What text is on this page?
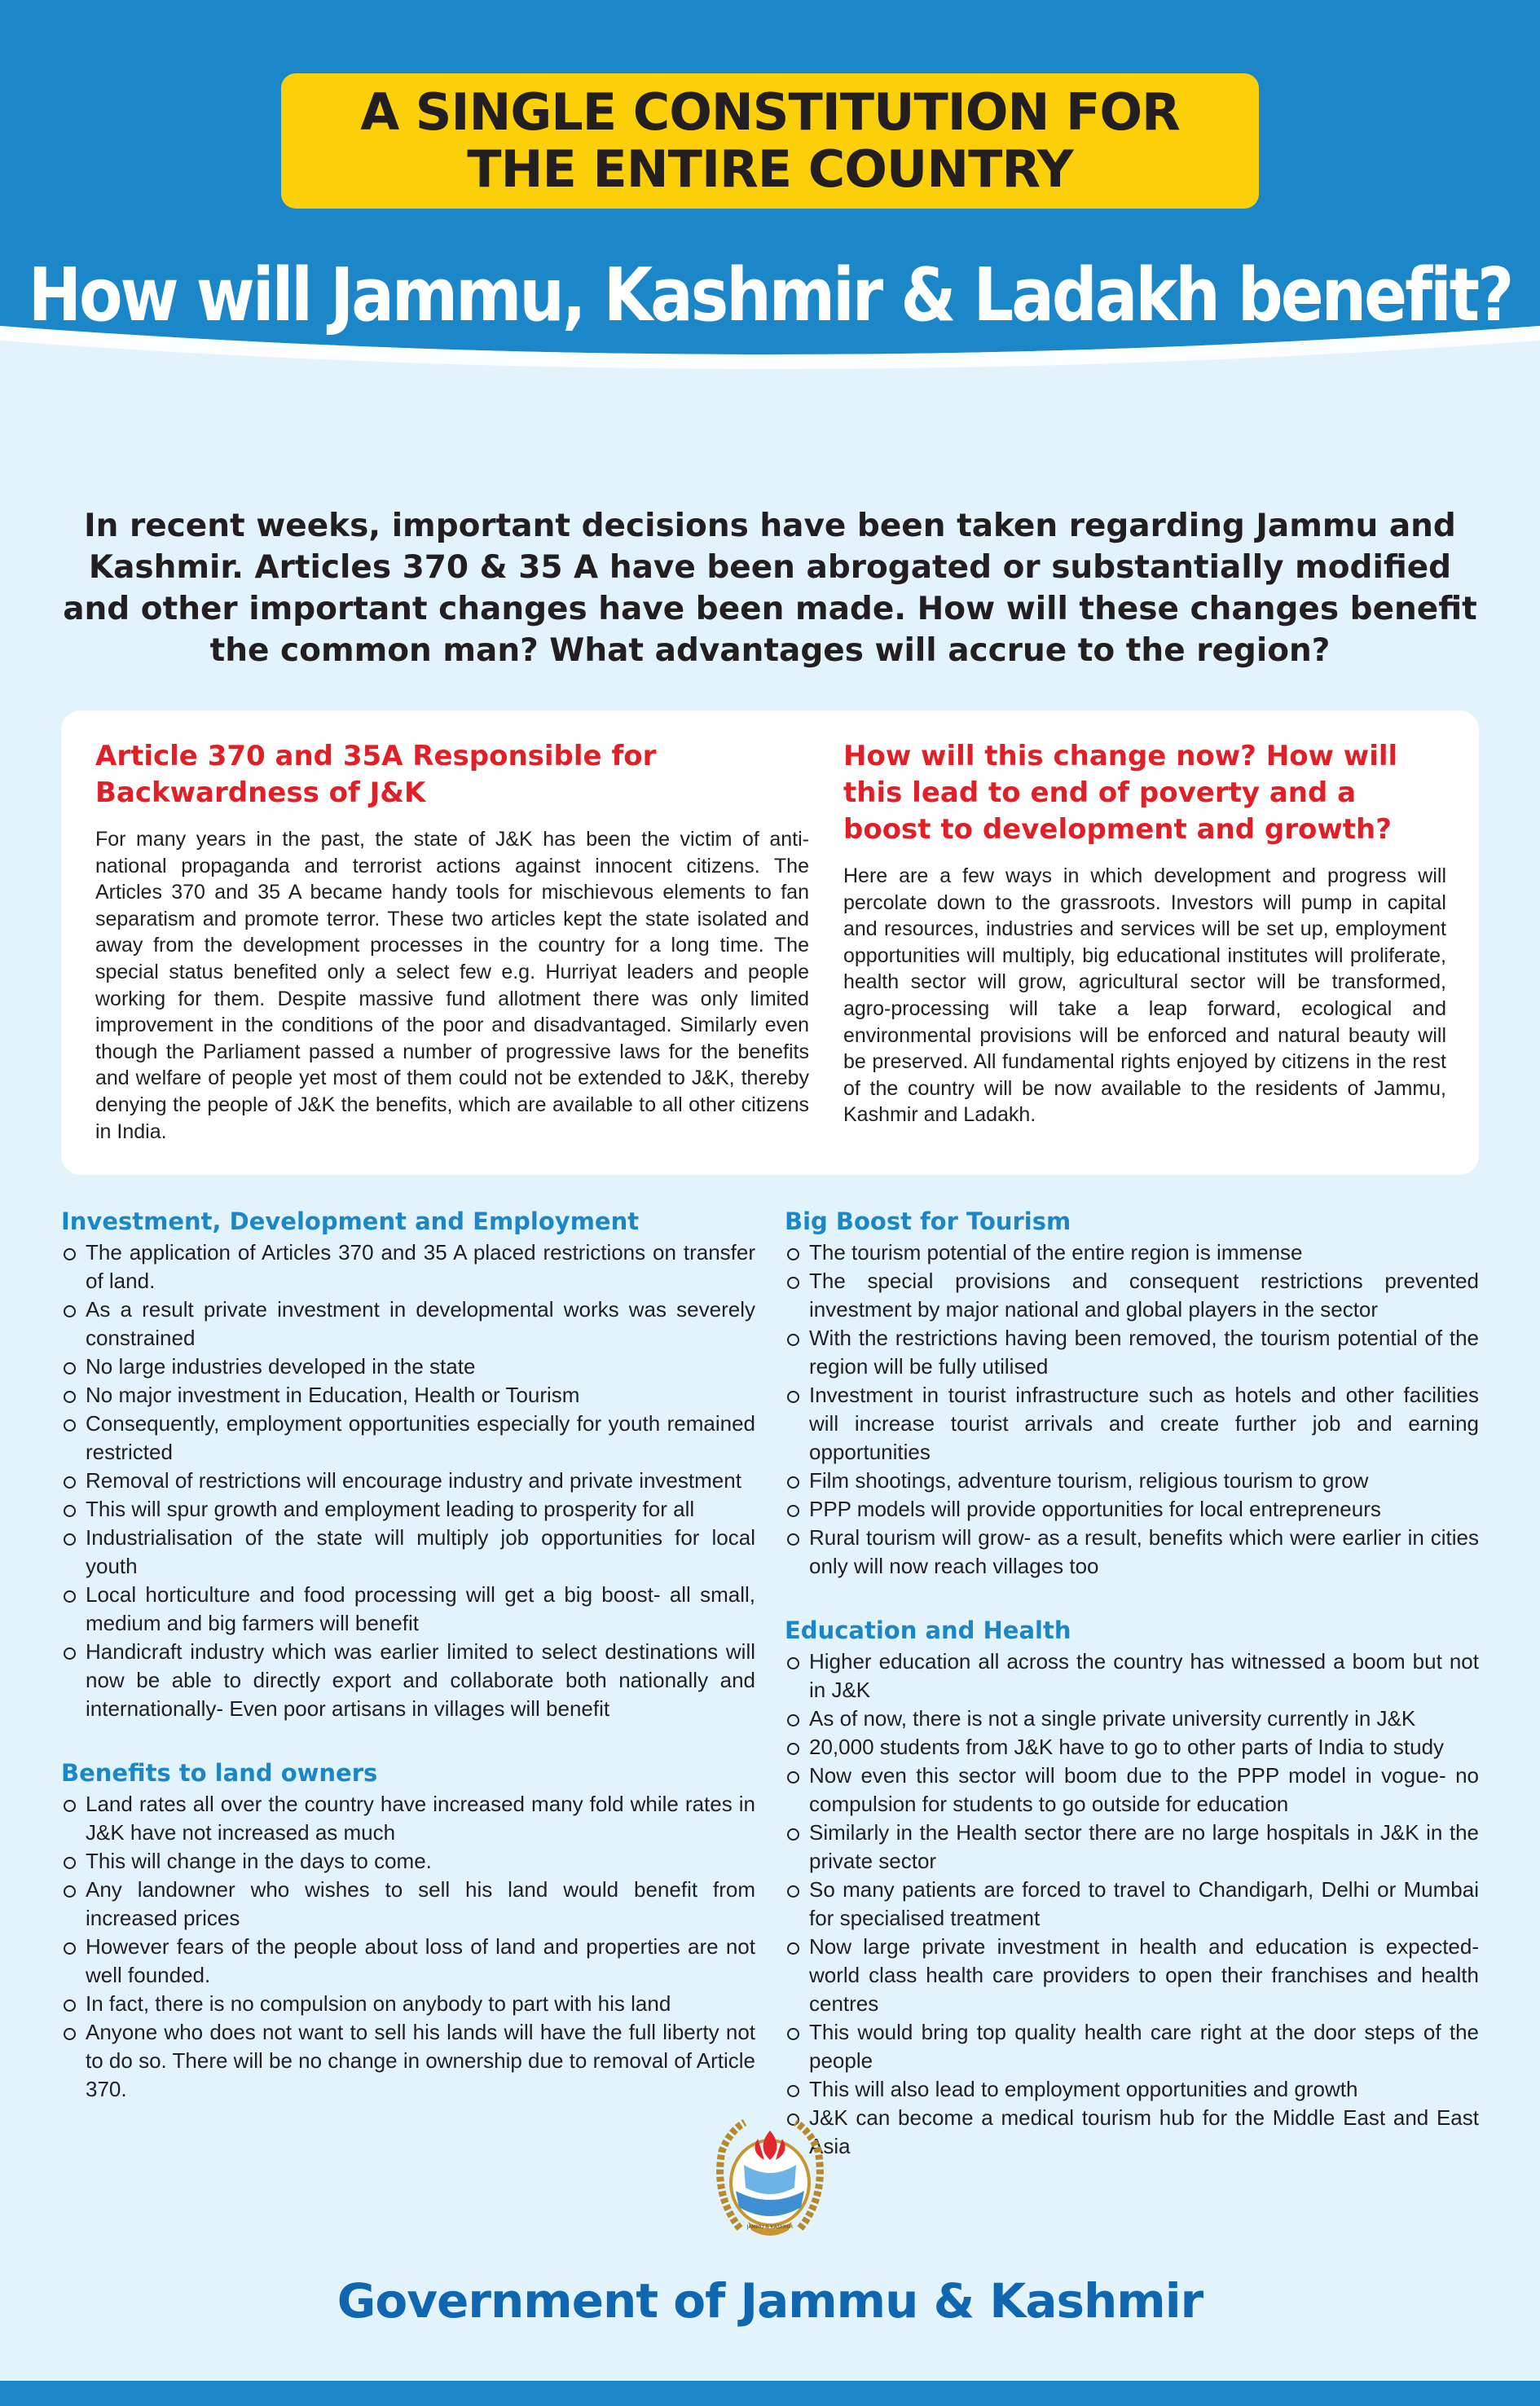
A SINGLE CONSTITUTION FOR
THE ENTIRE COUNTRY
How will Jammu, Kashmir & Ladakh benefit?
In recent weeks, important decisions have been taken regarding Jammu and Kashmir. Articles 370 & 35 A have been abrogated or substantially modified and other important changes have been made. How will these changes benefit the common man? What advantages will accrue to the region?
Article 370 and 35A Responsible for Backwardness of J&K

For many years in the past, the state of J&K has been the victim of anti-national propaganda and terrorist actions against innocent citizens. The Articles 370 and 35 A became handy tools for mischievous elements to fan separatism and promote terror. These two articles kept the state isolated and away from the development processes in the country for a long time. The special status benefited only a select few e.g. Hurriyat leaders and people working for them. Despite massive fund allotment there was only limited improvement in the conditions of the poor and disadvantaged. Similarly even though the Parliament passed a number of progressive laws for the benefits and welfare of people yet most of them could not be extended to J&K, thereby denying the people of J&K the benefits, which are available to all other citizens in India.

How will this change now? How will this lead to end of poverty and a boost to development and growth?

Here are a few ways in which development and progress will percolate down to the grassroots. Investors will pump in capital and resources, industries and services will be set up, employment opportunities will multiply, big educational institutes will proliferate, health sector will grow, agricultural sector will be transformed, agro-processing will take a leap forward, ecological and environmental provisions will be enforced and natural beauty will be preserved. All fundamental rights enjoyed by citizens in the rest of the country will be now available to the residents of Jammu, Kashmir and Ladakh.

Investment, Development and Employment
The application of Articles 370 and 35 A placed restrictions on transfer of land.
As a result private investment in developmental works was severely constrained
No large industries developed in the state
No major investment in Education, Health or Tourism
Consequently, employment opportunities especially for youth remained restricted
Removal of restrictions will encourage industry and private investment
This will spur growth and employment leading to prosperity for all
Industrialisation of the state will multiply job opportunities for local youth
Local horticulture and food processing will get a big boost- all small, medium and big farmers will benefit
Handicraft industry which was earlier limited to select destinations will now be able to directly export and collaborate both nationally and internationally- Even poor artisans in villages will benefit
Benefits to land owners
Land rates all over the country have increased many fold while rates in J&K have not increased as much
This will change in the days to come.
Any landowner who wishes to sell his land would benefit from increased prices
However fears of the people about loss of land and properties are not well founded.
In fact, there is no compulsion on anybody to part with his land
Anyone who does not want to sell his lands will have the full liberty not to do so. There will be no change in ownership due to removal of Article 370.
Big Boost for Tourism
The tourism potential of the entire region is immense
The special provisions and consequent restrictions prevented investment by major national and global players in the sector
With the restrictions having been removed, the tourism potential of the region will be fully utilised
Investment in tourist infrastructure such as hotels and other facilities will increase tourist arrivals and create further job and earning opportunities
Film shootings, adventure tourism, religious tourism to grow
PPP models will provide opportunities for local entrepreneurs
Rural tourism will grow- as a result, benefits which were earlier in cities only will now reach villages too
Education and Health
Higher education all across the country has witnessed a boom but not in J&K
As of now, there is not a single private university currently in J&K
20,000 students from J&K have to go to other parts of India to study
Now even this sector will boom due to the PPP model in vogue- no compulsion for students to go outside for education
Similarly in the Health sector there are no large hospitals in J&K in the private sector
So many patients are forced to travel to Chandigarh, Delhi or Mumbai for specialised treatment
Now large private investment in health and education is expected- world class health care providers to open their franchises and health centres
This would bring top quality health care right at the door steps of the people
This will also lead to employment opportunities and growth
J&K can become a medical tourism hub for the Middle East and East Asia
JAMMU & KASHMIR
Government of Jammu & Kashmir
